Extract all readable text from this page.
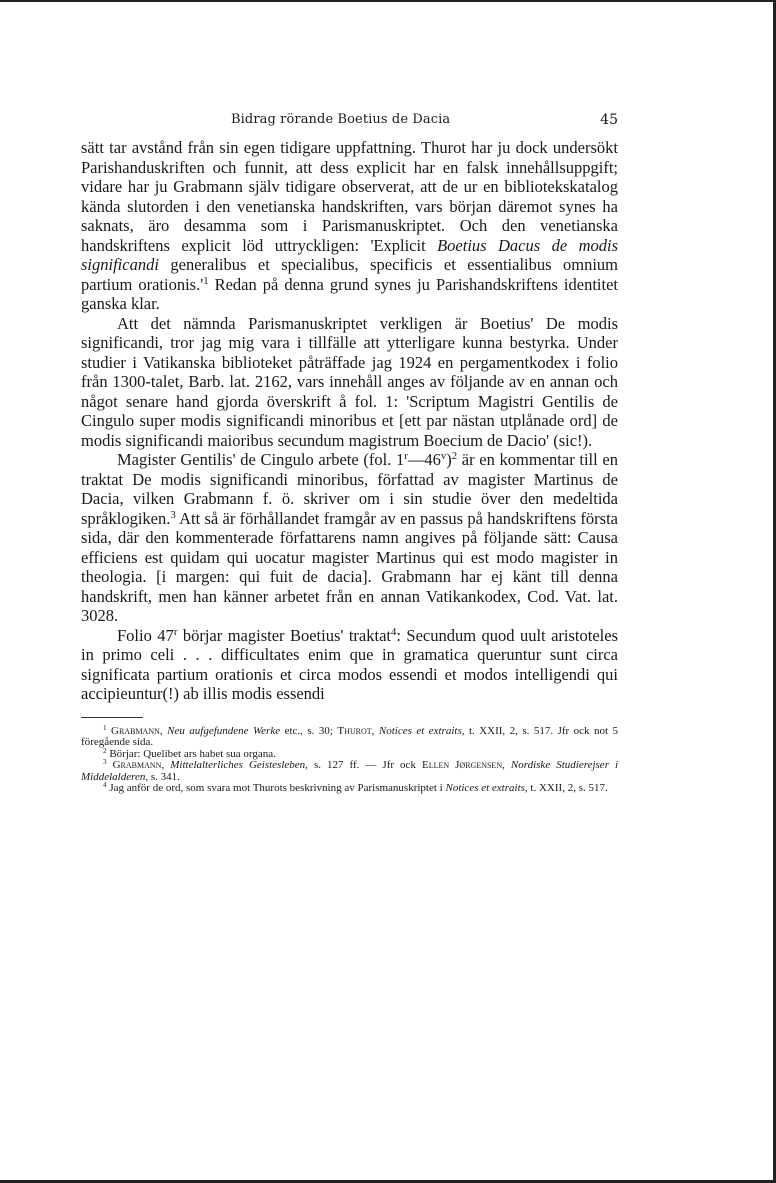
Bidrag rörande Boetius de Dacia	45

sätt tar avstånd från sin egen tidigare uppfattning. Thurot har ju dock undersökt Parishanduskriften och funnit, att dess explicit har en falsk innehållsuppgift; vidare har ju Grabmann själv tidigare observerat, att de ur en bibliotekskatalog kända slutorden i den venetianska handskriften, vars början däremot synes ha saknats, äro desamma som i Parismanuskriptet. Och den venetianska handskriftens explicit löd uttryckligen: 'Explicit Boetius Dacus de modis significandi generalibus et specialibus, specificis et essentialibus omnium partium $orationis.'^1$ Redan på denna grund synes ju Parishandskriftens identitet ganska klar.

Att det nämnda Parismanuskriptet verkligen är Boetius' De modis significandi, tror jag mig vara i tillfälle att ytterligare kunna bestyrka. Under studier i Vatikanska biblioteket påträffade jag 1924 en pergamentkodex i folio från 1300-talet, Barb. lat. 2162, vars innehåll anges av följande av en annan och något senare hand gjorda överskrift å fol. 1: 'Scriptum Magistri Gentilis de Cingulo super modis significandi minoribus et [ett par nästan utplånade ord] de modis significandi maioribus secundum magistrum Boecium de Dacio' (sic!).

Magister Gentilis' de Cingulo arbete (fol. 1$^r$—46$^v$)$^2$ är en kommentar till en traktat De modis significandi minoribus, författad av magister Martinus de Dacia, vilken Grabmann f. ö. skriver om i sin studie över den medeltida språklogiken.$^3$ Att så är förhållandet framgår av en passus på handskriftens första sida, där den kommenterade författarens namn angives på följande sätt: Causa efficiens est quidam qui uocatur magister Martinus qui est modo magister in theologia. [i margen: qui fuit de dacia]. Grabmann har ej känt till denna handskrift, men han känner arbetet från en annan Vatikankodex, Cod. Vat. lat. 3028.

Folio 47$^r$ börjar magister Boetius' traktat$^4$: Secundum quod uult aristoteles in primo celi . . . difficultates enim que in gramatica queruntur sunt circa significata partium orationis et circa modos essendi et modos intelligendi qui accipieuntur(!) ab illis modis essendi

$^1$ Grabmann, Neu aufgefundene Werke etc., s. 30; Thurot, Notices et extraits, t. XXII, 2, s. 517. Jfr ock not 5 föregående sida.

$^2$ Börjar: Quelibet ars habet sua organa.

$^3$ Grabmann, Mittelalterliches Geistesleben, s. 127 ff. — Jfr ock Ellen Jørgensen, Nordiske Studierejser i Middelalderen, s. 341.

$^4$ Jag anför de ord, som svara mot Thurots beskrivning av Parismanuskriptet i Notices et extraits, t. XXII, 2, s. 517.
